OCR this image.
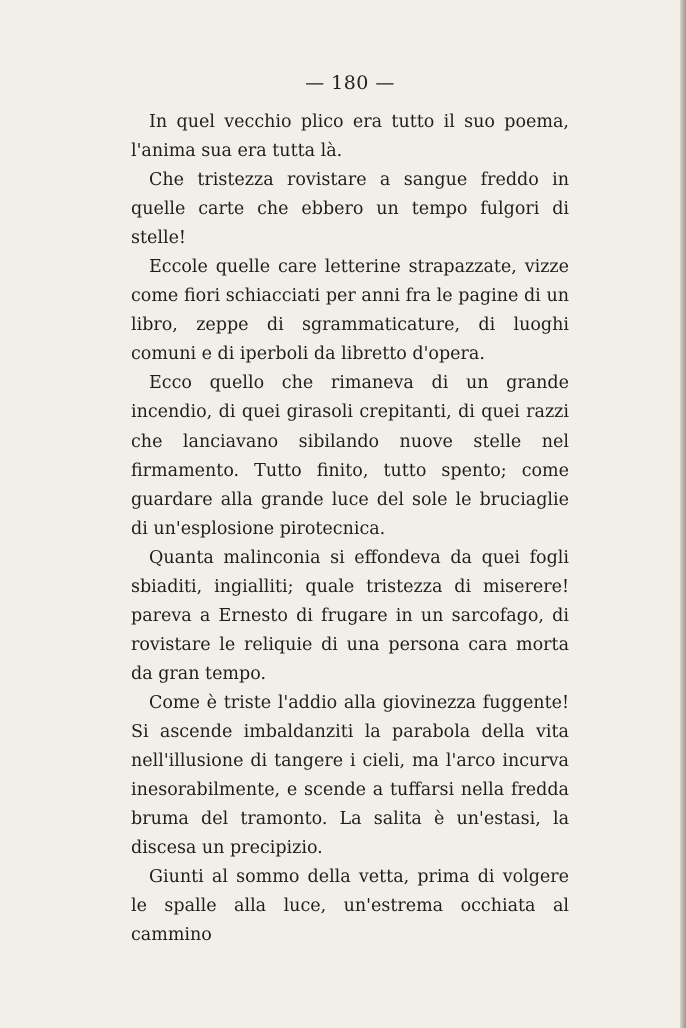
— 180 —

In quel vecchio plico era tutto il suo poema, l'anima sua era tutta là.

Che tristezza rovistare a sangue freddo in quelle carte che ebbero un tempo fulgori di stelle!

Eccole quelle care letterine strapazzate, vizze come fiori schiacciati per anni fra le pagine di un libro, zeppe di sgrammaticature, di luoghi comuni e di iperboli da libretto d'opera.

Ecco quello che rimaneva di un grande incendio, di quei girasoli crepitanti, di quei razzi che lanciavano sibilando nuove stelle nel firmamento. Tutto finito, tutto spento; come guardare alla grande luce del sole le bruciaglie di un'esplosione pirotecnica.

Quanta malinconia si effondeva da quei fogli sbiaditi, ingialliti; quale tristezza di miserere! pareva a Ernesto di frugare in un sarcofago, di rovistare le reliquie di una persona cara morta da gran tempo.

Come è triste l'addio alla giovinezza fuggente! Si ascende imbaldanziti la parabola della vita nell'illusione di tangere i cieli, ma l'arco incurva inesorabilmente, e scende a tuffarsi nella fredda bruma del tramonto. La salita è un'estasi, la discesa un precipizio.

Giunti al sommo della vetta, prima di volgere le spalle alla luce, un'estrema occhiata al cammino
